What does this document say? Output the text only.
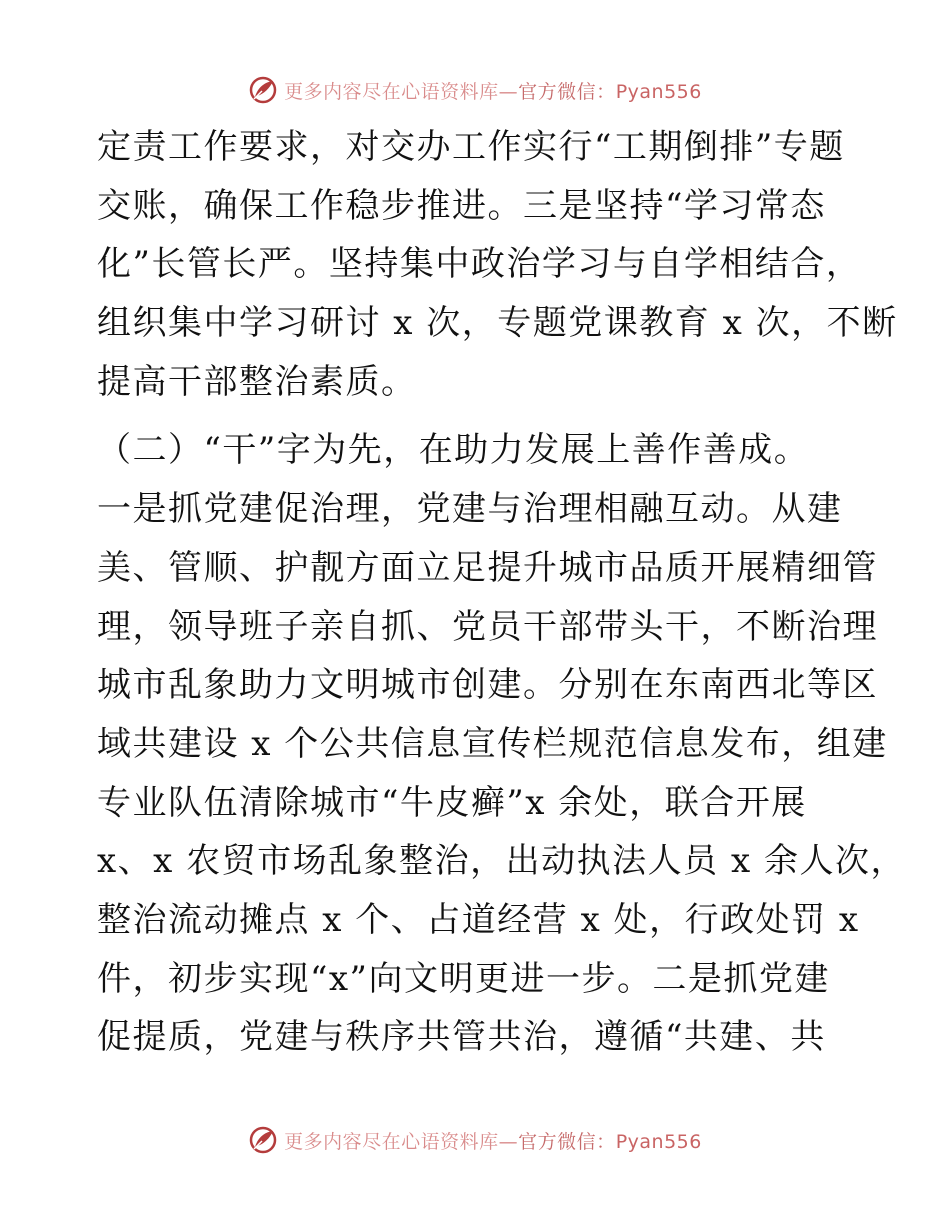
更多内容尽在心语资料库—官方微信：Pyan556
定责工作要求，对交办工作实行“工期倒排”专题
交账，确保工作稳步推进。三是坚持“学习常态
化”长管长严。坚持集中政治学习与自学相结合，
组织集中学习研讨 x 次，专题党课教育 x 次，不断
提高干部整治素质。
（二）“干”字为先，在助力发展上善作善成。
一是抓党建促治理，党建与治理相融互动。从建
美、管顺、护靓方面立足提升城市品质开展精细管
理，领导班子亲自抓、党员干部带头干，不断治理
城市乱象助力文明城市创建。分别在东南西北等区
域共建设 x 个公共信息宣传栏规范信息发布，组建
专业队伍清除城市“牛皮癣”x 余处，联合开展
x、x 农贸市场乱象整治，出动执法人员 x 余人次，
整治流动摊点 x 个、占道经营 x 处，行政处罚 x
件，初步实现“x”向文明更进一步。二是抓党建
促提质，党建与秩序共管共治，遵循“共建、共
更多内容尽在心语资料库—官方微信：Pyan556
